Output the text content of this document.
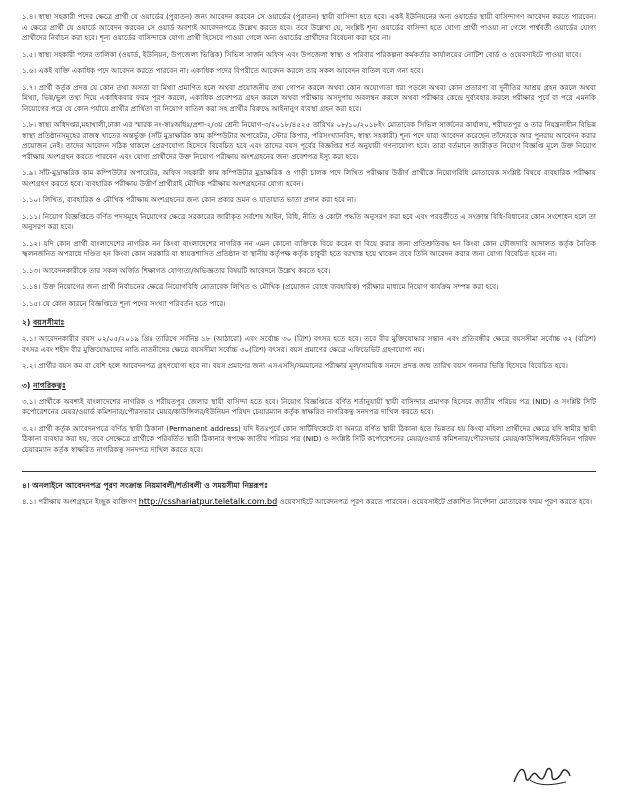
১.৪। স্বাস্থ্য সহকারী পদের ক্ষেত্রে প্রার্থী যে ওয়ার্ডের (পুরাতন) জন্য আবেদন করবেন সে ওয়ার্ডের (পুরাতন) স্থায়ী বাসিন্দা হতে হবে। একই ইউনিয়নের অন্য ওয়ার্ডের স্থায়ী বাসিন্দাগণ আবেদন করতে পারবেন। এ ক্ষেত্রে প্রার্থী যে ওয়ার্ডে আবেদন করবেন সে ওয়ার্ড অবশ্যই আবেদনপত্রে উল্লেখ করতে হবে। তবে উল্লেখ্য যে, সংশ্লিষ্ট শূন্য ওয়ার্ডের বাসিন্দা হতে যোগ্য প্রার্থী পাওয়া না গেলে পার্শ্ববর্তী ওয়ার্ডের যোগ্য প্রার্থীদের নির্বাচন করা হবে। শূন্য ওয়ার্ডের বাসিন্দাকে যোগ্য প্রার্থী হিসেবে পাওয়া গেলে অন্য ওয়ার্ডের প্রার্থীদের বিবেচনা করা হবে না।

১.৫। স্বাস্থ্য সহকারী পদের তালিকা (ওয়ার্ড, ইউনিয়ন, উপজেলা ভিত্তিক) সিভিল সার্জন অফিস এবং উপজেলা স্বাস্থ্য ও পরিবার পরিকল্পনা কর্মকর্তার কার্যালয়ের নোটিশ বোর্ড ও ওয়েবসাইটে পাওয়া যাবে।

১.৬। একই ব্যক্তি একাধিক পদে আবেদন করতে পারবেন না। একাধিক পদের বিপরীতে আবেদন করলে তার সকল আবেদন বাতিল বলে গন্য হবে।

১.৭। প্রার্থী কর্তৃক প্রদত্ত যে কোন তথ্য অসত্য বা মিথ্যা প্রমাণিত হলে অথবা প্রয়োজনীয় তথ্য গোপন করলে অথবা কোন অযোগ্যতা ধরা পড়লে অথবা কোন প্রতারণা বা দুর্নীতির আশ্রয় গ্রহন করলে অথবা মিথ্যা, ভিন্ন/ভুল তথ্য দিয়ে একাধিকবার ফরম পূরণ করলে, একাধিক প্রবেশপত্র গ্রহন করলে অথবা পরীক্ষায় অসদুপায় অবলম্বন করলে অথবা পরীক্ষার কেন্দ্রে দুর্ব্যবহার করলে পরীক্ষার পূর্বে বা পরে এমনকি নিয়োগের পরে যে কোন পর্যায়ে প্রার্থীর প্রার্থিতা বা নিয়োগ বাতিল করা সহ প্রার্থীর বিরুদ্ধে আইনানুগ ব্যবস্থা গ্রহন করা হবে।

১.৮। স্বাস্থ্য অধিদপ্তর,মহাখালী,ঢাকা এর স্মারক নং-স্বাঃঅধিঃ/প্রশা-২/৩য় শ্রেনী নিয়োগ-৩/২০১৮/৪৫২৫ তারিখঃ ০৮/১০/২০১৮ইং মোতাবেক সিভিল সার্জনের কার্যালয়, শরীয়তপুর ও তার নিয়ন্ত্রনাধীন বিভিন্ন স্বাস্থ্য প্রতিষ্ঠানসমূহের রাজস্ব খাতের অন্তর্ভুক্ত (সাঁট মুদ্রাক্ষরিক কাম কম্পিউটার অপারেটর, স্টোর কিপার, পরিসংখ্যানবিদ, স্বাস্থ্য সহকারী) শূন্য পদে যারা আবেদন করেছেন তাঁদেরকে আর পুনরায় আবেদন করার প্রয়োজন নেই। তাদের আবেদন সঠিক থাকলে প্রেরণযোগ্য হিসেবে বিবেচিত হবে এবং তাদের বয়স পূর্বের বিজ্ঞপ্তির শর্ত অনুযায়ী গণনাযোগ্য হবে। তারা বর্তমানে জারীকৃত নিয়োগ বিজ্ঞপ্তি মূলে উক্ত নিয়োগ পরীক্ষায় অংশগ্রহন করতে পারবেন এবং যোগ্য প্রার্থীদের উক্ত নিয়োগ পরীক্ষায় অংশগ্রহনের জন্য প্রবেশপত্র ইস্যু করা হবে।

১.৯। সাঁট-মুদ্রাক্ষরিক কাম কম্পিউটার অপারেটর, অফিস সহকারী কাম কম্পিউটার মুদ্রাক্ষরিক ও গাড়ী চালক পদে লিখিত পরীক্ষায় উত্তীর্ণ প্রার্থীকে নিয়োগবিধি মোতাবেক সংশ্লিষ্ট বিষয়ে ব্যবহারিক পরীক্ষায় অংশগ্রহণ করতে হবে। ব্যবহারিক পরীক্ষায় উত্তীর্ণ প্রার্থীরাই মৌখিক পরীক্ষায় অংশগ্রহনের যোগ্য হবেন।

১.১০। লিখিত, ব্যবহারিক ও মৌখিক পরীক্ষায় অংশগ্রহনের জন্য কোন প্রকার ভ্রমন ও যাতায়াত ভাতা প্রদান করা হবে না।

১.১১। নিয়োগ বিজ্ঞপ্তিতে বর্ণিত পদসমূহে নিয়োগের ক্ষেত্রে সরকারের জারীকৃত সর্বশেষ আইন, বিধি, নীতি ও কোটা পদ্ধতি অনুসরণ করা হবে এবং পরবর্তীতে এ সংক্রান্ত বিধি-বিধানের কোন সংশোধন হলে তা অনুসরণ করা হবে।

১.১২। যদি কোন প্রার্থী বাংলাদেশের নাগরিক নন কিংবা বাংলাদেশের নাগরিক নন এমন কোনো ব্যক্তিকে বিয়ে করেন বা বিয়ে করার জন্য প্রতিশ্রুতিবদ্ধ হন কিংবা কোন ফৌজদারি আদালত কর্তৃক নৈতিক স্খলনজনিত অপরাধে দণ্ডিত হন কিংবা কোন সরকারি বা স্বায়ত্তশাসিত প্রতিষ্ঠান বা স্থানীয় কর্তৃপক্ষ কর্তৃক চাকুরী হতে বরখাস্ত হয়ে থাকেন তবে তিনি আবেদন করার জন্য যোগ্য বিবেচিত হবেন না।

১.১৩। আবেদনকারীকে তার সকল অর্জিত শিক্ষাগত যোগ্যতা/অভিজ্ঞতার বিষয়টি আবেদনে উল্লেখ করতে হবে।

১.১৪। উক্ত নিয়োগের জন্য প্রার্থী নির্বাচনের ক্ষেত্রে নিয়োগবিধি মোতাবেক লিখিত ও মৌখিক (প্রয়োজন বোধে ব্যবহারিক) পরীক্ষার মাধ্যমে নিয়োগ কার্যক্রম সম্পন্ন করা হবে।

১.১৫। যে কোন কারনে বিজ্ঞপ্তিতে শূন্য পদের সংখ্যা পরিবর্তন হতে পারে।

২) বয়সসীমাঃ

২.১। আবেদনকারীর বয়স ০২/০৫/২০১৯ খ্রিঃ তারিখে সর্বনিম্ন ১৮ (আঠারো) এবং সর্বোচ্চ ৩০ (ত্রিশ) বৎসর হতে হবে। তবে বীর মুক্তিযোদ্ধার সন্তান এবং প্রতিবন্ধীর ক্ষেত্রে বয়সসীমা সর্বোচ্চ ৩২ (বত্রিশ) বৎসর এবং শহীদ বীর মুক্তিযোদ্ধাদের নাতি নাতনীদের ক্ষেত্রে বয়সসীমা সর্বোচ্চ ৩০(ত্রিশ) বৎসর। বয়স প্রমাণের ক্ষেত্রে এফিডেভিট গ্রহণযোগ্য নয়।

২.২। প্রার্থীর বয়স কম বা বেশি হলে আবেদনপত্র গ্রহণযোগ্য হবে না। বয়স প্রমাণের জন্য এসএসসি/সমমানের পরীক্ষার মূল/সাময়িক সনদে প্রদত্ত জন্ম তারিখ বয়স গননার ভিত্তি হিসেবে বিবেচিত হবে।

৩) নাগরিকত্বঃ

৩.১। প্রার্থীকে অবশ্যই বাংলাদেশের নাগরিক ও শরীয়তপুর জেলার স্থায়ী বাসিন্দা হতে হবে। নিয়োগ বিজ্ঞপ্তিতে বর্ণিত শর্তানুযায়ী স্থায়ী বাসিন্দার প্রমাণক হিসেবে জাতীয় পরিচয় পত্র (NID) ও সংশ্লিষ্ট সিটি কর্পোরেশনের মেয়র/ওয়ার্ড কমিশনার/পৌরসভার মেয়র/কাউন্সিলর/ইউনিয়ন পরিষদ চেয়ারম্যান কর্তৃক স্বাক্ষরিত নাগরিকত্ব সনদপত্র দাখিল করতে হবে।

৩.২। প্রার্থী কর্তৃক আবেদনপত্রে বর্ণিত স্থায়ী ঠিকানা (Permanent address) যদি ইতঃপূর্বে কোন সার্টিফিকেটে বা অন্যত্র বর্ণিত স্থায়ী ঠিকানা হতে ভিন্নতর হয় কিংবা মহিলা প্রার্থীদের ক্ষেত্রে যদি স্বামীর স্থায়ী ঠিকানা ব্যবহার করা হয়, তবে সেক্ষেত্রে প্রার্থীকে পরিবর্তিত স্থায়ী ঠিকানার স্বপক্ষে জাতীয় পরিচয় পত্র (NID) ও সংশ্লিষ্ট সিটি কর্পোরেশনের মেয়র/ওয়ার্ড কমিশনার/পৌরসভার মেয়র/কাউন্সিলর/ইউনিয়ন পরিষদ চেয়ারম্যান কর্তৃক স্বাক্ষরিত নাগরিকত্ব সনদপত্র দাখিল করতে হবে।

৪। অনলাইনে আবেদনপত্র পূরণ সংক্রান্ত নিয়মাবলী/শর্তাবলী ও সময়সীমা নিম্নরূপঃ

৪.১। পরীক্ষায় অংশগ্রহনে ইচ্ছুক ব্যক্তিগণ http://csshariatpur.teletalk.com.bd ওয়েবসাইটে আবেদনপত্র পূরণ করতে পারবেন। ওয়েবসাইটে প্রকাশিত নির্দেশনা মোতাবেক ফরম পূরণ করতে হবে।
